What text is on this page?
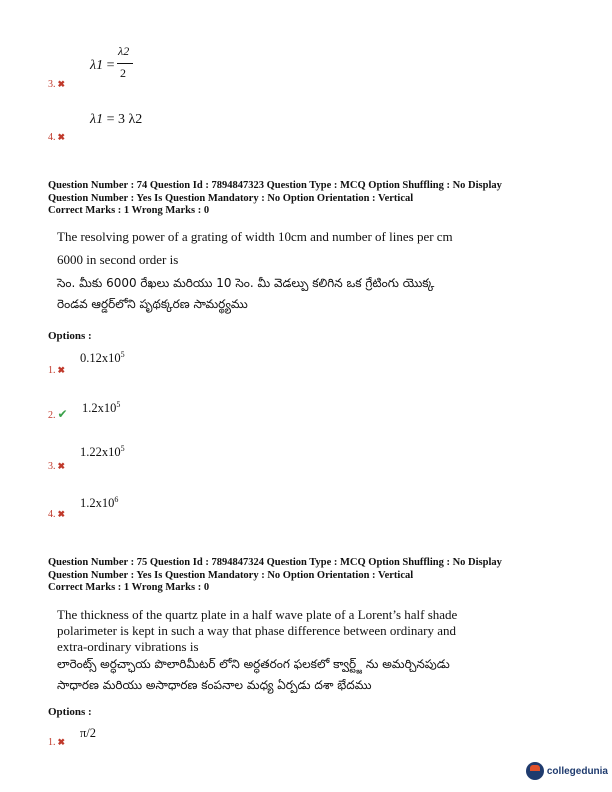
λ1 =
λ2
2
3. ✖
λ1 = 3 λ2
4. ✖
Question Number : 74 Question Id : 7894847323 Question Type : MCQ Option Shuffling : No Display
Question Number : Yes Is Question Mandatory : No Option Orientation : Vertical
Correct Marks : 1 Wrong Marks : 0
The resolving power of a grating of width 10cm and number of lines per cm
6000 in second order is
సెం. మీకు 6000 రేఖలు మరియు 10 సెం. మీ వెడల్పు కలిగిన ఒక గ్రేటింగు యొక్క
రెండవ ఆర్డర్‌లోని పృథక్కరణ సామర్థ్యము
Options :
$0.12x10^5$
1. ✖
$1.2x10^5$
2. ✔
$1.22x10^5$
3. ✖
$1.2x10^6$
4. ✖
Question Number : 75 Question Id : 7894847324 Question Type : MCQ Option Shuffling : No Display
Question Number : Yes Is Question Mandatory : No Option Orientation : Vertical
Correct Marks : 1 Wrong Marks : 0
The thickness of the quartz plate in a half wave plate of a Lorent’s half shade
polarimeter is kept in such a way that phase difference between ordinary and
extra-ordinary vibrations is
లారెంట్స్ అర్ధచ్ఛాయ పొలారిమీటర్ లోని అర్ధతరంగ ఫలకలో క్వార్ట్జ్ ను అమర్చినపుడు
సాధారణ మరియు అసాధారణ కంపనాల మధ్య ఏర్పడు దశా భేదము
Options :
π/2
1. ✖
collegedunia
